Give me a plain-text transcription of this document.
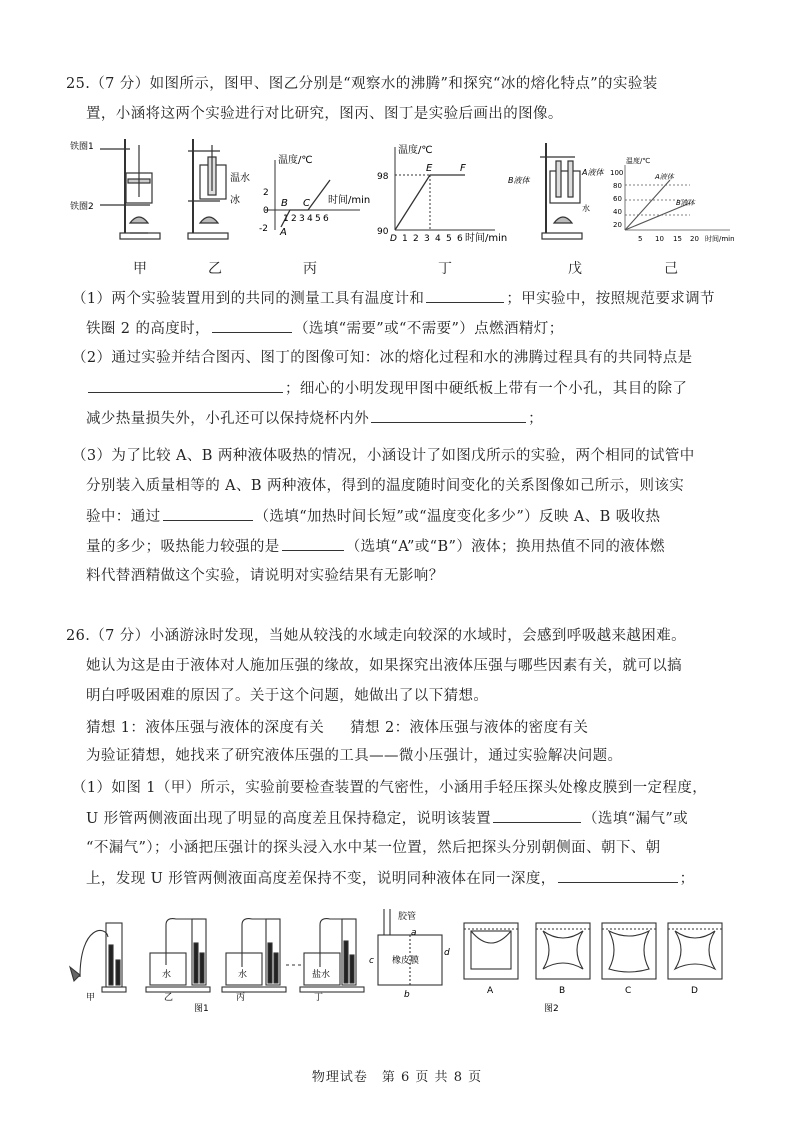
25.（7 分）如图所示，图甲、图乙分别是“观察水的沸腾”和探究“冰的熔化特点”的实验装
置，小涵将这两个实验进行对比研究，图丙、图丁是实验后画出的图像。
铁圈1
铁圈2
温水
冰
温度/℃
时间/min
2
0
-2
1 2 3 4 5 6
B C
A
温度/℃
时间/min
98
90
D 1 2 3 4 5 6
E	F
B液体
A液体
水
温度/℃
时间/min
100
80
60
40
20
5 10 15 20
A液体
B液体
甲	乙	丙	丁	戊	己
（1）两个实验装置用到的共同的测量工具有温度计和	；甲实验中，按照规范要求调节
铁圈 2 的高度时，	（选填“需要”或“不需要”）点燃酒精灯；
（2）通过实验并结合图丙、图丁的图像可知：冰的熔化过程和水的沸腾过程具有的共同特点是
；细心的小明发现甲图中硬纸板上带有一个小孔，其目的除了
减少热量损失外，小孔还可以保持烧杯内外	；
（3）为了比较 A、B 两种液体吸热的情况，小涵设计了如图戊所示的实验，两个相同的试管中
分别装入质量相等的 A、B 两种液体，得到的温度随时间变化的关系图像如己所示，则该实
验中：通过	（选填“加热时间长短”或“温度变化多少”）反映 A、B 吸收热
量的多少；吸热能力较强的是	（选填“A”或“B”）液体；换用热值不同的液体燃
料代替酒精做这个实验，请说明对实验结果有无影响？
26.（7 分）小涵游泳时发现，当她从较浅的水域走向较深的水域时，会感到呼吸越来越困难。
她认为这是由于液体对人施加压强的缘故，如果探究出液体压强与哪些因素有关，就可以搞
明白呼吸困难的原因了。关于这个问题，她做出了以下猜想。
猜想 1：液体压强与液体的深度有关 猜想 2：液体压强与液体的密度有关
为验证猜想，她找来了研究液体压强的工具——微小压强计，通过实验解决问题。
（1）如图 1（甲）所示，实验前要检查装置的气密性，小涵用手轻压探头处橡皮膜到一定程度，
U 形管两侧液面出现了明显的高度差且保持稳定，说明该装置	（选填“漏气”或
“不漏气”）；小涵把压强计的探头浸入水中某一位置，然后把探头分别朝侧面、朝下、朝
上，发现 U 形管两侧液面高度差保持不变，说明同种液体在同一深度，	；
水	水	盐水
甲	乙	丙	丁
图1
胶管
橡皮膜
a
b
c
d
A	B	C	D
图2
物理试卷　第 6 页 共 8 页
